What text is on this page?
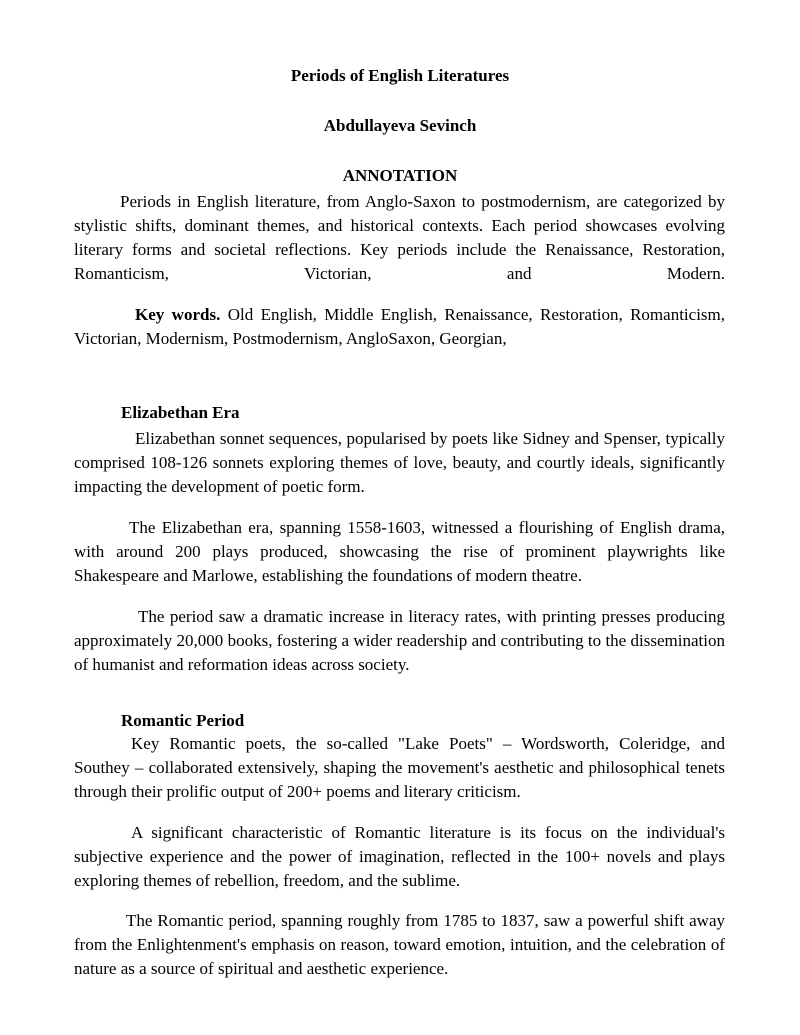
Periods of English Literatures
Abdullayeva Sevinch
ANNOTATION
Periods in English literature, from Anglo-Saxon to postmodernism, are categorized by stylistic shifts, dominant themes, and historical contexts. Each period showcases evolving literary forms and societal reflections. Key periods include the Renaissance, Restoration, Romanticism, Victorian, and Modern.
Key words. Old English, Middle English, Renaissance, Restoration, Romanticism, Victorian, Modernism, Postmodernism, AngloSaxon, Georgian,
Elizabethan Era
Elizabethan sonnet sequences, popularised by poets like Sidney and Spenser, typically comprised 108-126 sonnets exploring themes of love, beauty, and courtly ideals, significantly impacting the development of poetic form.
The Elizabethan era, spanning 1558-1603, witnessed a flourishing of English drama, with around 200 plays produced, showcasing the rise of prominent playwrights like Shakespeare and Marlowe, establishing the foundations of modern theatre.
The period saw a dramatic increase in literacy rates, with printing presses producing approximately 20,000 books, fostering a wider readership and contributing to the dissemination of humanist and reformation ideas across society.
Romantic Period
Key Romantic poets, the so-called "Lake Poets" – Wordsworth, Coleridge, and Southey – collaborated extensively, shaping the movement's aesthetic and philosophical tenets through their prolific output of 200+ poems and literary criticism.
A significant characteristic of Romantic literature is its focus on the individual's subjective experience and the power of imagination, reflected in the 100+ novels and plays exploring themes of rebellion, freedom, and the sublime.
The Romantic period, spanning roughly from 1785 to 1837, saw a powerful shift away from the Enlightenment's emphasis on reason, toward emotion, intuition, and the celebration of nature as a source of spiritual and aesthetic experience.
